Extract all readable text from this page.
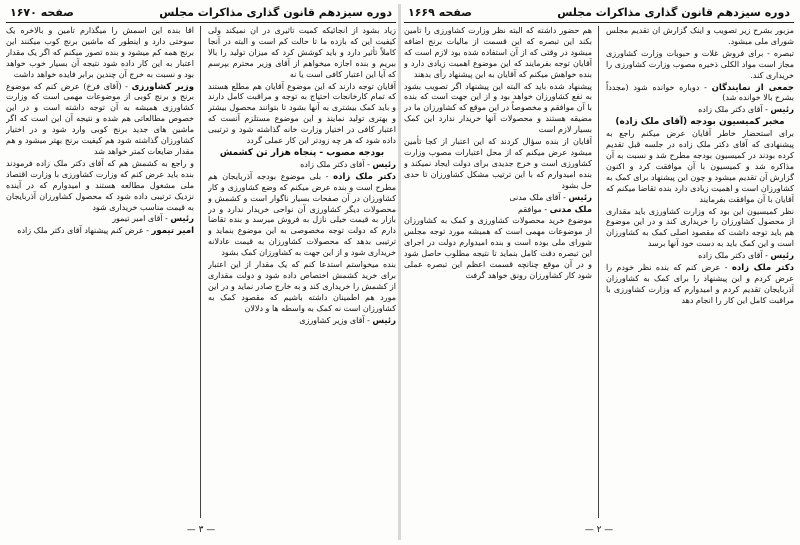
دوره سیزدهم قانون گذاری
مذاکرات مجلس
صفحه ۱۶۷۰

زیاد بشود از آنجائیکه کمیت تأثیری در آن نمیکند ولی کیفیت این که بازده ما تا حالت کم است و البته در آنجا کاملاً تأثیر دارد و باید کوشش کرد که میزان تولید را بالا ببریم و بنده اجازه میخواهم از آقای وزیر محترم بپرسم که آیا این اعتبار کافی است یا نه

آقایان توجه دارند که این موضوع آقایان هم مطلع هستند که تمام کارخانجات احتیاج به توجه و مراقبت کامل دارند و باید کمک بیشتری به آنها بشود تا بتوانند محصول بیشتر و بهتری تولید نمایند و این موضوع مستلزم آنست که اعتبار کافی در اختیار وزارت خانه گذاشته شود و ترتیبی داده شود که هر چه زودتر این کار عملی گردد

بودجه مصوب - پنجاه هزار تن کشمش

رئیس - آقای دکتر ملک زاده

دکتر ملک زاده - بلی موضوع بودجه آذربایجان هم مطرح است و بنده عرض میکنم که وضع کشاورزی و کار کشاورزان در آن صفحات بسیار ناگوار است و کشمش و محصولات دیگر کشاورزی آن نواحی خریدار ندارد و در بازار به قیمت خیلی نازل به فروش میرسد و بنده تقاضا دارم که دولت توجه مخصوصی به این موضوع بنماید و ترتیبی بدهد که محصولات کشاورزان به قیمت عادلانه خریداری شود و از این جهت به کشاورزان کمک بشود

بنده میخواستم استدعا کنم که یک مقدار از این اعتبار برای خرید کشمش اختصاص داده شود و دولت مقداری از کشمش را خریداری کند و به خارج صادر نماید و در این مورد هم اطمینان داشته باشیم که مقصود کمک به کشاورزان است نه کمک به واسطه ها و دلالان

رئیس - آقای وزیر کشاورزی

آقا بنده این اسمش را میگذارم تأمین و بالاخره یک سوختی دارد و اینطور که ماشین برنج کوب میکنند این برنج همه کم میشود و بنده تصور میکنم که اگر یک مقدار اعتبار به این کار داده شود نتیجه آن بسیار خوب خواهد بود و نسبت به خرج آن چندین برابر فایده خواهد داشت

وزیر کشاورزی - (آقای فرخ) عرض کنم که موضوع برنج و برنج کوبی از موضوعات مهمی است که وزارت کشاورزی همیشه به آن توجه داشته است و در این خصوص مطالعاتی هم شده و نتیجه آن این است که اگر ماشین های جدید برنج کوبی وارد شود و در اختیار کشاورزان گذاشته شود هم کیفیت برنج بهتر میشود و هم مقدار ضایعات کمتر خواهد شد

و راجع به کشمش هم که آقای دکتر ملک زاده فرمودند بنده باید عرض کنم که وزارت کشاورزی با وزارت اقتصاد ملی مشغول مطالعه هستند و امیدوارم که در آینده نزدیک ترتیبی داده شود که محصول کشاورزان آذربایجان به قیمت مناسب خریداری شود

رئیس - آقای امیر تیمور

امیر تیمور - عرض کنم پیشنهاد آقای دکتر ملک زاده

— ۳ —
دوره سیزدهم قانون گذاری
مذاکرات مجلس
صفحه ۱۶۶۹

مزبور بشرح زیر تصویب و اینک گزارش آن تقدیم مجلس شورای ملی میشود.

تبصره - برای فروش غلات و حبوبات وزارت کشاورزی مجاز است مواد الکلی ذخیره مصوب وزارت کشاورزی را خریداری کند.

جمعی از نمایندگان - دوباره خوانده شود (مجدداً بشرح بالا خوانده شد)

رئیس - آقای دکتر ملک زاده

مخبر کمیسیون بودجه (آقای ملک زاده)

برای استحضار خاطر آقایان عرض میکنم راجع به پیشنهادی که آقای دکتر ملک زاده در جلسه قبل تقدیم کرده بودند در کمیسیون بودجه مطرح شد و نسبت به آن مذاکره شد و کمیسیون با آن موافقت کرد و اکنون گزارش آن تقدیم میشود و چون این پیشنهاد برای کمک به کشاورزان است و اهمیت زیادی دارد بنده تقاضا میکنم که آقایان با آن موافقت بفرمایند

نظر کمیسیون این بود که وزارت کشاورزی باید مقداری از محصول کشاورزان را خریداری کند و در این موضوع هم باید توجه داشت که مقصود اصلی کمک به کشاورزان است و این کمک باید به دست خود آنها برسد

رئیس - آقای دکتر ملک زاده

دکتر ملک زاده - عرض کنم که بنده نظر خودم را عرض کردم و این پیشنهاد را برای کمک به کشاورزان آذربایجان تقدیم کردم و امیدوارم که وزارت کشاورزی با مراقبت کامل این کار را انجام دهد

هم حضور داشته که البته نظر وزارت کشاورزی را تأمین بکند این تبصره که این قسمت از مالیات برنج اضافه میشود در وقتی که از آن استفاده شده بود لازم است که آقایان توجه بفرمایند که این موضوع اهمیت زیادی دارد و بنده خواهش میکنم که آقایان به این پیشنهاد رأی بدهند

پیشنهاد شده باید که البته این پیشنهاد اگر تصویب بشود به نفع کشاورزان خواهد بود و از این جهت است که بنده با آن موافقم و مخصوصاً در این موقع که کشاورزان ما در مضیقه هستند و محصولات آنها خریدار ندارد این کمک بسیار لازم است

آقایان از بنده سؤال کردند که این اعتبار از کجا تأمین میشود عرض میکنم که از محل اعتبارات مصوب وزارت کشاورزی است و خرج جدیدی برای دولت ایجاد نمیکند و بنده امیدوارم که با این ترتیب مشکل کشاورزان تا حدی حل بشود

رئیس - آقای ملک مدنی

ملک مدنی - موافقم

موضوع خرید محصولات کشاورزی و کمک به کشاورزان از موضوعات مهمی است که همیشه مورد توجه مجلس شورای ملی بوده است و بنده امیدوارم دولت در اجرای این تبصره دقت کامل بنماید تا نتیجه مطلوب حاصل شود و در آن موقع چنانچه قسمت اعظم این تبصره عملی شود کار کشاورزان رونق خواهد گرفت

— ۲ —
